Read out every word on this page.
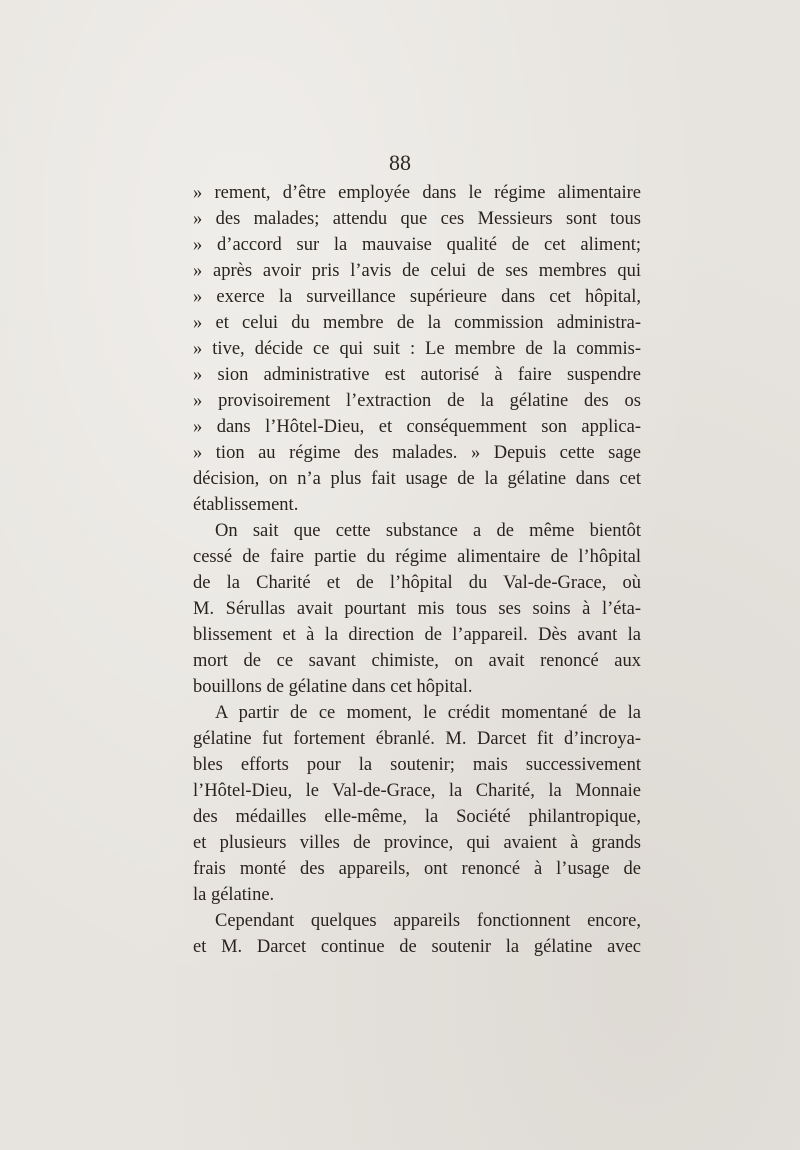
88
» rement, d’être employée dans le régime alimentaire
» des malades; attendu que ces Messieurs sont tous
» d’accord sur la mauvaise qualité de cet aliment;
» après avoir pris l’avis de celui de ses membres qui
» exerce la surveillance supérieure dans cet hôpital,
» et celui du membre de la commission administra-
» tive, décide ce qui suit : Le membre de la commis-
» sion administrative est autorisé à faire suspendre
» provisoirement l’extraction de la gélatine des os
» dans l’Hôtel-Dieu, et conséquemment son applica-
» tion au régime des malades. » Depuis cette sage
décision, on n’a plus fait usage de la gélatine dans cet
établissement.
On sait que cette substance a de même bientôt
cessé de faire partie du régime alimentaire de l’hôpital
de la Charité et de l’hôpital du Val-de-Grace, où
M. Sérullas avait pourtant mis tous ses soins à l’éta-
blissement et à la direction de l’appareil. Dès avant la
mort de ce savant chimiste, on avait renoncé aux
bouillons de gélatine dans cet hôpital.
A partir de ce moment, le crédit momentané de la
gélatine fut fortement ébranlé. M. Darcet fit d’incroya-
bles efforts pour la soutenir; mais successivement
l’Hôtel-Dieu, le Val-de-Grace, la Charité, la Monnaie
des médailles elle-même, la Société philantropique,
et plusieurs villes de province, qui avaient à grands
frais monté des appareils, ont renoncé à l’usage de
la gélatine.
Cependant quelques appareils fonctionnent encore,
et M. Darcet continue de soutenir la gélatine avec
